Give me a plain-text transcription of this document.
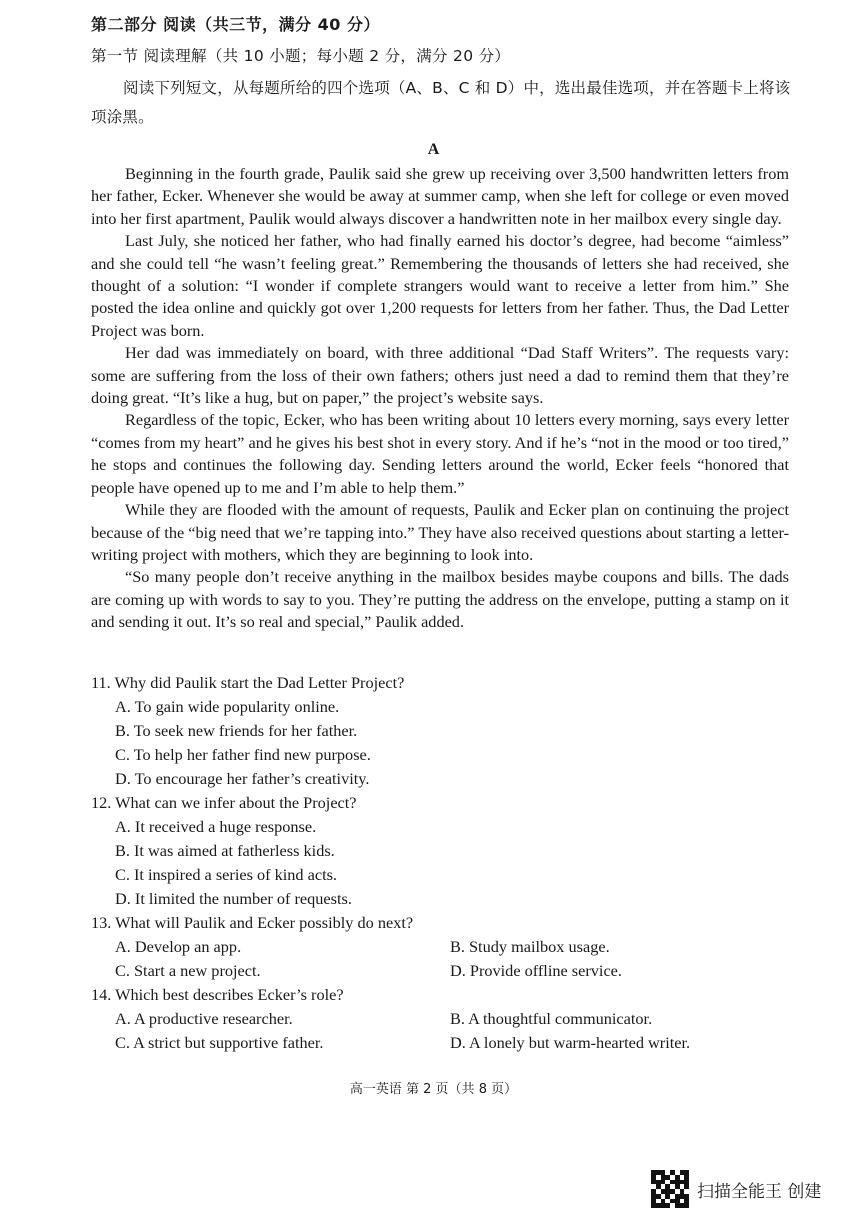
第二部分 阅读（共三节，满分 40 分）
第一节 阅读理解（共 10 小题；每小题 2 分，满分 20 分）
阅读下列短文，从每题所给的四个选项（A、B、C 和 D）中，选出最佳选项，并在答题卡上将该项涂黑。
A

Beginning in the fourth grade, Paulik said she grew up receiving over 3,500 handwritten letters from her father, Ecker. Whenever she would be away at summer camp, when she left for college or even moved into her first apartment, Paulik would always discover a handwritten note in her mailbox every single day.

Last July, she noticed her father, who had finally earned his doctor’s degree, had become “aimless” and she could tell “he wasn’t feeling great.” Remembering the thousands of letters she had received, she thought of a solution: “I wonder if complete strangers would want to receive a letter from him.” She posted the idea online and quickly got over 1,200 requests for letters from her father. Thus, the Dad Letter Project was born.

Her dad was immediately on board, with three additional “Dad Staff Writers”. The requests vary: some are suffering from the loss of their own fathers; others just need a dad to remind them that they’re doing great. “It’s like a hug, but on paper,” the project’s website says.

Regardless of the topic, Ecker, who has been writing about 10 letters every morning, says every letter “comes from my heart” and he gives his best shot in every story. And if he’s “not in the mood or too tired,” he stops and continues the following day. Sending letters around the world, Ecker feels “honored that people have opened up to me and I’m able to help them.”

While they are flooded with the amount of requests, Paulik and Ecker plan on continuing the project because of the “big need that we’re tapping into.” They have also received questions about starting a letter-writing project with mothers, which they are beginning to look into.

“So many people don’t receive anything in the mailbox besides maybe coupons and bills. The dads are coming up with words to say to you. They’re putting the address on the envelope, putting a stamp on it and sending it out. It’s so real and special,” Paulik added.

11. Why did Paulik start the Dad Letter Project?
A. To gain wide popularity online.
B. To seek new friends for her father.
C. To help her father find new purpose.
D. To encourage her father’s creativity.
12. What can we infer about the Project?
A. It received a huge response.
B. It was aimed at fatherless kids.
C. It inspired a series of kind acts.
D. It limited the number of requests.
13. What will Paulik and Ecker possibly do next?
A. Develop an app.	B. Study mailbox usage.
C. Start a new project.	D. Provide offline service.
14. Which best describes Ecker’s role?
A. A productive researcher.	B. A thoughtful communicator.
C. A strict but supportive father.	D. A lonely but warm-hearted writer.
高一英语 第 2 页（共 8 页）
扫描全能王 创建
